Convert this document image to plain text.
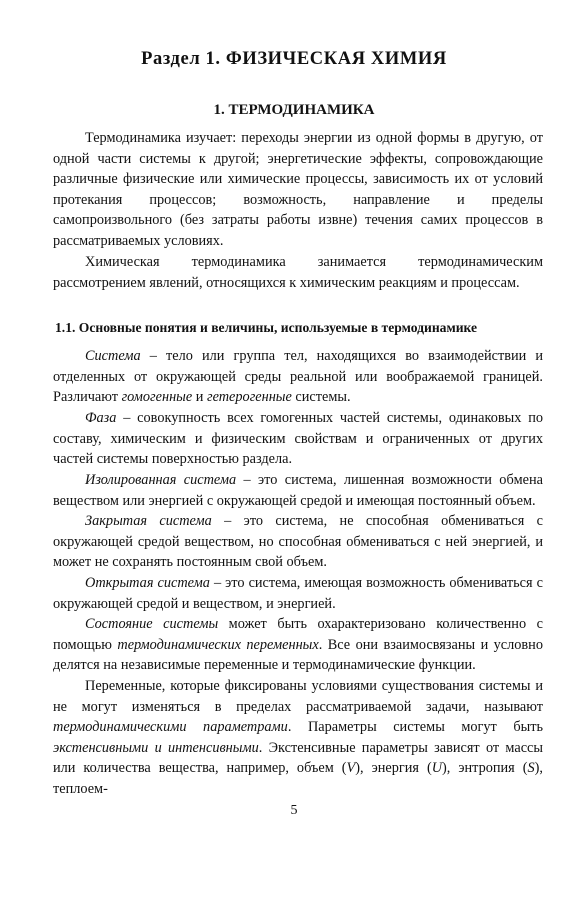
Раздел 1. ФИЗИЧЕСКАЯ ХИМИЯ
1. ТЕРМОДИНАМИКА

Термодинамика изучает: переходы энергии из одной формы в другую, от одной части системы к другой; энергетические эффекты, сопровождающие различные физические или химические процессы, зависимость их от условий протекания процессов; возможность, направление и пределы самопроизвольного (без затраты работы извне) течения самих процессов в рассматриваемых условиях.

Химическая термодинамика занимается термодинамическим рассмотрением явлений, относящихся к химическим реакциям и процессам.

1.1. Основные понятия и величины, используемые в термодинамике

Система – тело или группа тел, находящихся во взаимодействии и отделенных от окружающей среды реальной или воображаемой границей. Различают гомогенные и гетерогенные системы.

Фаза – совокупность всех гомогенных частей системы, одинаковых по составу, химическим и физическим свойствам и ограниченных от других частей системы поверхностью раздела.

Изолированная система – это система, лишенная возможности обмена веществом или энергией с окружающей средой и имеющая постоянный объем.

Закрытая система – это система, не способная обмениваться с окружающей средой веществом, но способная обмениваться с ней энергией, и может не сохранять постоянным свой объем.

Открытая система – это система, имеющая возможность обмениваться с окружающей средой и веществом, и энергией.

Состояние системы может быть охарактеризовано количественно с помощью термодинамических переменных. Все они взаимосвязаны и условно делятся на независимые переменные и термодинамические функции.

Переменные, которые фиксированы условиями существования системы и не могут изменяться в пределах рассматриваемой задачи, называют термодинамическими параметрами. Параметры системы могут быть экстенсивными и интенсивными. Экстенсивные параметры зависят от массы или количества вещества, например, объем (V), энергия (U), энтропия (S), теплоем-

5
